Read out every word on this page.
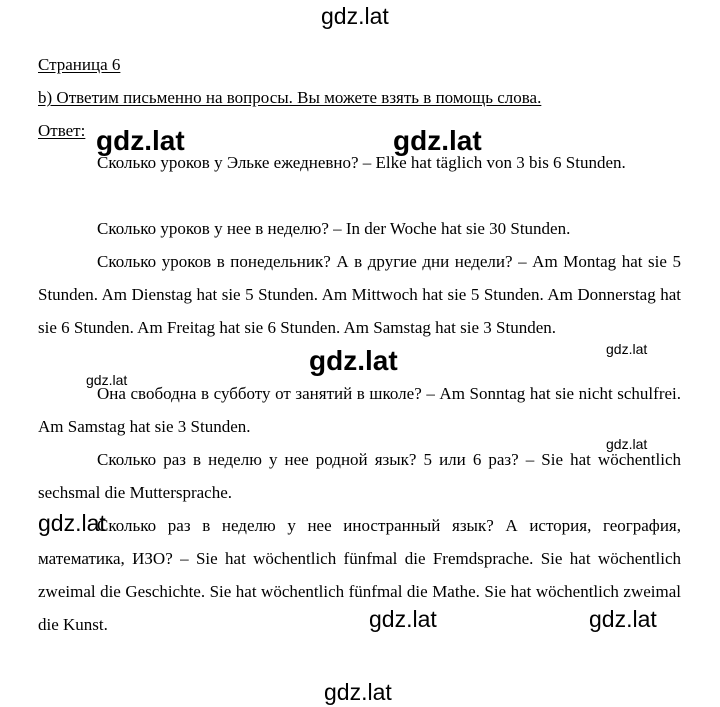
Страница 6
b) Ответим письменно на вопросы. Вы можете взять в помощь слова.
Ответ:

Сколько уроков у Эльке ежедневно? – Elke hat täglich von 3 bis 6 Stunden.

Сколько уроков у нее в неделю? – In der Woche hat sie 30 Stunden.

Сколько уроков в понедельник? А в другие дни недели? – Am Montag hat sie 5 Stunden. Am Dienstag hat sie 5 Stunden. Am Mittwoch hat sie 5 Stunden. Am Donnerstag hat sie 6 Stunden. Am Freitag hat sie 6 Stunden. Am Samstag hat sie 3 Stunden.

Она свободна в субботу от занятий в школе? – Am Sonntag hat sie nicht schulfrei. Am Samstag hat sie 3 Stunden.

Сколько раз в неделю у нее родной язык? 5 или 6 раз? – Sie hat wöchentlich sechsmal die Muttersprache.

Сколько раз в неделю у нее иностранный язык? А история, география, математика, ИЗО? – Sie hat wöchentlich fünfmal die Fremdsprache. Sie hat wöchentlich zweimal die Geschichte. Sie hat wöchentlich fünfmal die Mathe. Sie hat wöchentlich zweimal die Kunst.

gdz.lat
gdz.lat	gdz.lat
gdz.lat
gdz.lat
gdz.lat
gdz.lat
gdz.lat
gdz.lat	gdz.lat
gdz.lat
